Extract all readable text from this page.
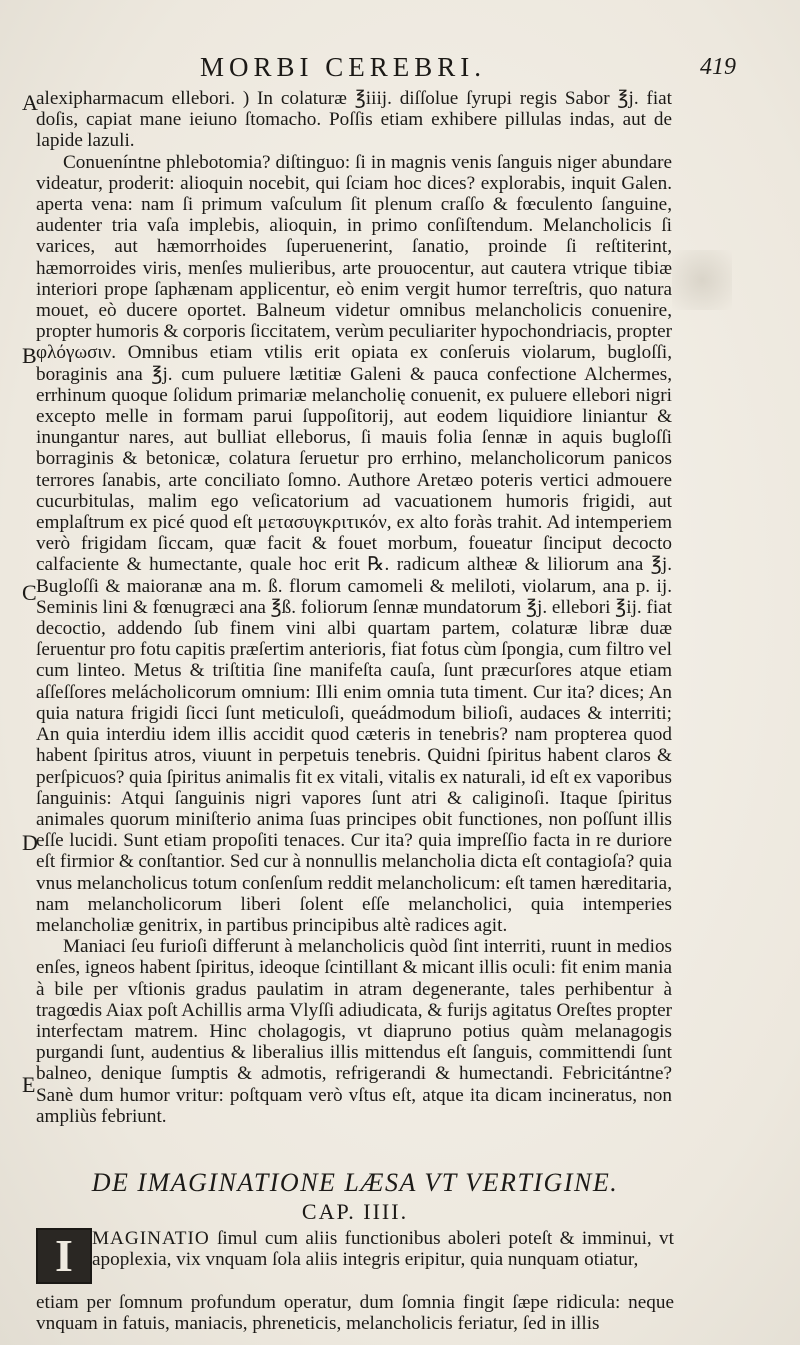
MORBI CEREBRI.	419
A
B
C
D
E

alexipharmacum ellebori. ) In colaturæ ℥iiij. diſſolue ſyrupi regis Sabor ℥j. fiat doſis, capiat mane ieiuno ſtomacho. Poſſis etiam exhibere pillulas indas, aut de lapide lazuli.

Conueníntne phlebotomia? diſtinguo: ſi in magnis venis ſanguis niger abundare videatur, proderit: alioquin nocebit, qui ſciam hoc dices? explorabis, inquit Galen. aperta vena: nam ſi primum vaſculum ſit plenum craſſo & fœculento ſanguine, audenter tria vaſa implebis, alioquin, in primo conſiſtendum. Melancholicis ſi varices, aut hæmorrhoides ſuperuenerint, ſanatio, proinde ſi reſtiterint, hæmorroides viris, menſes mulieribus, arte prouocentur, aut cautera vtrique tibiæ interiori prope ſaphænam applicentur, eò enim vergit humor terreſtris, quo natura mouet, eò ducere oportet. Balneum videtur omnibus melancholicis conuenire, propter humoris & corporis ſiccitatem, verùm peculiariter hypochondriacis, propter φλόγωσιν. Omnibus etiam vtilis erit opiata ex conſeruis violarum, bugloſſi, boraginis ana ℥j. cum puluere lætitiæ Galeni & pauca confectione Alchermes, errhinum quoque ſolidum primariæ melancholię conuenit, ex puluere ellebori nigri excepto melle in formam parui ſuppoſitorij, aut eodem liquidiore liniantur & inungantur nares, aut bulliat elleborus, ſi mauis folia ſennæ in aquis bugloſſi borraginis & betonicæ, colatura ſeruetur pro errhino, melancholicorum panicos terrores ſanabis, arte conciliato ſomno. Authore Aretæo poteris vertici admouere cucurbitulas, malim ego veſicatorium ad vacuationem humoris frigidi, aut emplaſtrum ex picé quod eſt μετασυγκριτικόν, ex alto foràs trahit. Ad intemperiem verò frigidam ſiccam, quæ facit & fouet morbum, foueatur ſinciput decocto calfaciente & humectante, quale hoc erit ℞. radicum altheæ & liliorum ana ℥j. Bugloſſi & maioranæ ana m. ß. florum camomeli & meliloti, violarum, ana p. ij. Seminis lini & fœnugræci ana ℥ß. foliorum ſennæ mundatorum ℥j. ellebori ℥ij. fiat decoctio, addendo ſub finem vini albi quartam partem, colaturæ libræ duæ ſeruentur pro fotu capitis præſertim anterioris, fiat fotus cùm ſpongia, cum filtro vel cum linteo. Metus & triſtitia ſine manifeſta cauſa, ſunt præcurſores atque etiam aſſeſſores melácholicorum omnium: Illi enim omnia tuta timent. Cur ita? dices; An quia natura frigidi ſicci ſunt meticuloſi, queádmodum bilioſi, audaces & interriti; An quia interdiu idem illis accidit quod cæteris in tenebris? nam propterea quod habent ſpiritus atros, viuunt in perpetuis tenebris. Quidni ſpiritus habent claros & perſpicuos? quia ſpiritus animalis fit ex vitali, vitalis ex naturali, id eſt ex vaporibus ſanguinis: Atqui ſanguinis nigri vapores ſunt atri & caliginoſi. Itaque ſpiritus animales quorum miniſterio anima ſuas principes obit functiones, non poſſunt illis eſſe lucidi. Sunt etiam propoſiti tenaces. Cur ita? quia impreſſio facta in re duriore eſt firmior & conſtantior. Sed cur à nonnullis melancholia dicta eſt contagioſa? quia vnus melancholicus totum conſenſum reddit melancholicum: eſt tamen hæreditaria, nam melancholicorum liberi ſolent eſſe melancholici, quia intemperies melancholiæ genitrix, in partibus principibus altè radices agit.

Maniaci ſeu furioſi differunt à melancholicis quòd ſint interriti, ruunt in medios enſes, igneos habent ſpiritus, ideoque ſcintillant & micant illis oculi: fit enim mania à bile per vſtionis gradus paulatim in atram degenerante, tales perhibentur à tragœdis Aiax poſt Achillis arma Vlyſſi adiudicata, & furijs agitatus Oreſtes propter interfectam matrem. Hinc cholagogis, vt diapruno potius quàm melanagogis purgandi ſunt, audentius & liberalius illis mittendus eſt ſanguis, committendi ſunt balneo, denique ſumptis & admotis, refrigerandi & humectandi. Febricitántne? Sanè dum humor vritur: poſtquam verò vſtus eſt, atque ita dicam incineratus, non ampliùs febriunt.

DE IMAGINATIONE LÆSA VT VERTIGINE.
CAP. IIII.
I MAGINATIO ſimul cum aliis functionibus aboleri poteſt & imminui, vt apoplexia, vix vnquam ſola aliis integris eripitur, quia nunquam otiatur,
etiam per ſomnum profundum operatur, dum ſomnia fingit ſæpe ridicula: neque vnquam in fatuis, maniacis, phreneticis, melancholicis feriatur, ſed in illis
